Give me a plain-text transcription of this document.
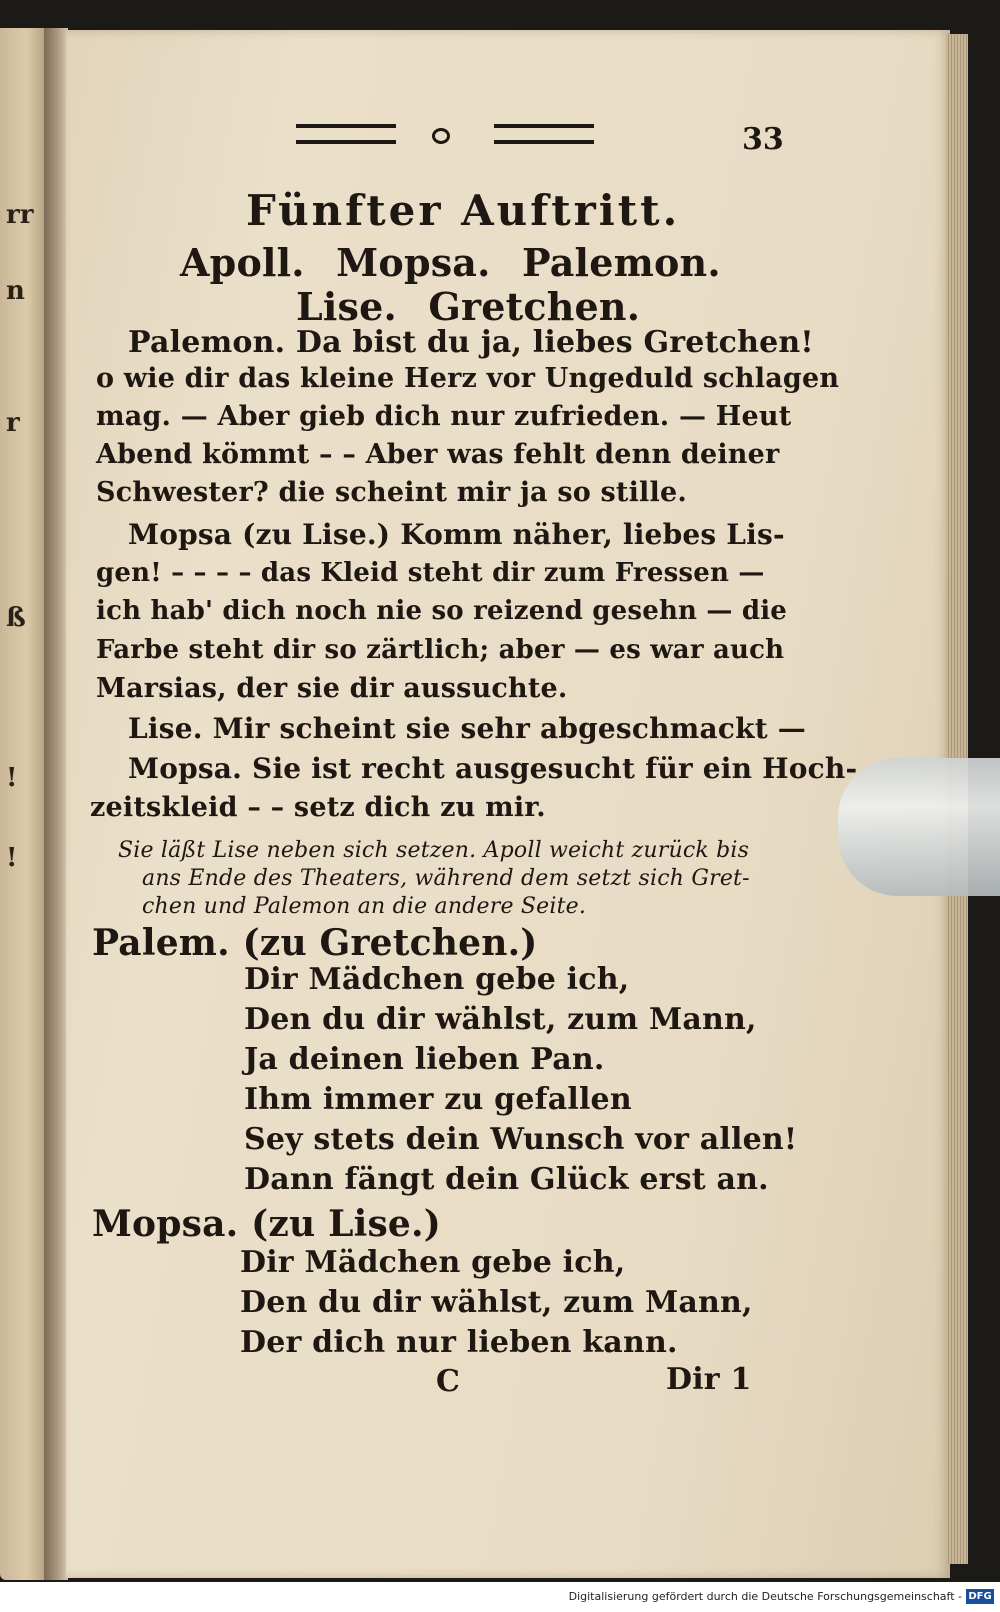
rr
n
r
ß
!
!
33
Fünfter Auftritt.
Apoll. Mopsa. Palemon.
Lise. Gretchen.
Palemon. Da bist du ja, liebes Gretchen!
o wie dir das kleine Herz vor Ungeduld schlagen
mag. — Aber gieb dich nur zufrieden. — Heut
Abend kömmt – – Aber was fehlt denn deiner
Schwester? die scheint mir ja so stille.
Mopsa (zu Lise.) Komm näher, liebes Lis-
gen! – – – – das Kleid steht dir zum Fressen —
ich hab' dich noch nie so reizend gesehn — die
Farbe steht dir so zärtlich; aber — es war auch
Marsias, der sie dir aussuchte.
Lise. Mir scheint sie sehr abgeschmackt —
Mopsa. Sie ist recht ausgesucht für ein Hoch-
zeitskleid – – setz dich zu mir.
Sie läßt Lise neben sich setzen. Apoll weicht zurück bis
ans Ende des Theaters, während dem setzt sich Gret-
chen und Palemon an die andere Seite.
Palem. (zu Gretchen.)
Dir Mädchen gebe ich,
Den du dir wählst, zum Mann,
Ja deinen lieben Pan.
Ihm immer zu gefallen
Sey stets dein Wunsch vor allen!
Dann fängt dein Glück erst an.
Mopsa. (zu Lise.)
Dir Mädchen gebe ich,
Den du dir wählst, zum Mann,
Der dich nur lieben kann.
C	Dir 1
Digitalisierung gefördert durch die Deutsche Forschungsgemeinschaft - DFG
